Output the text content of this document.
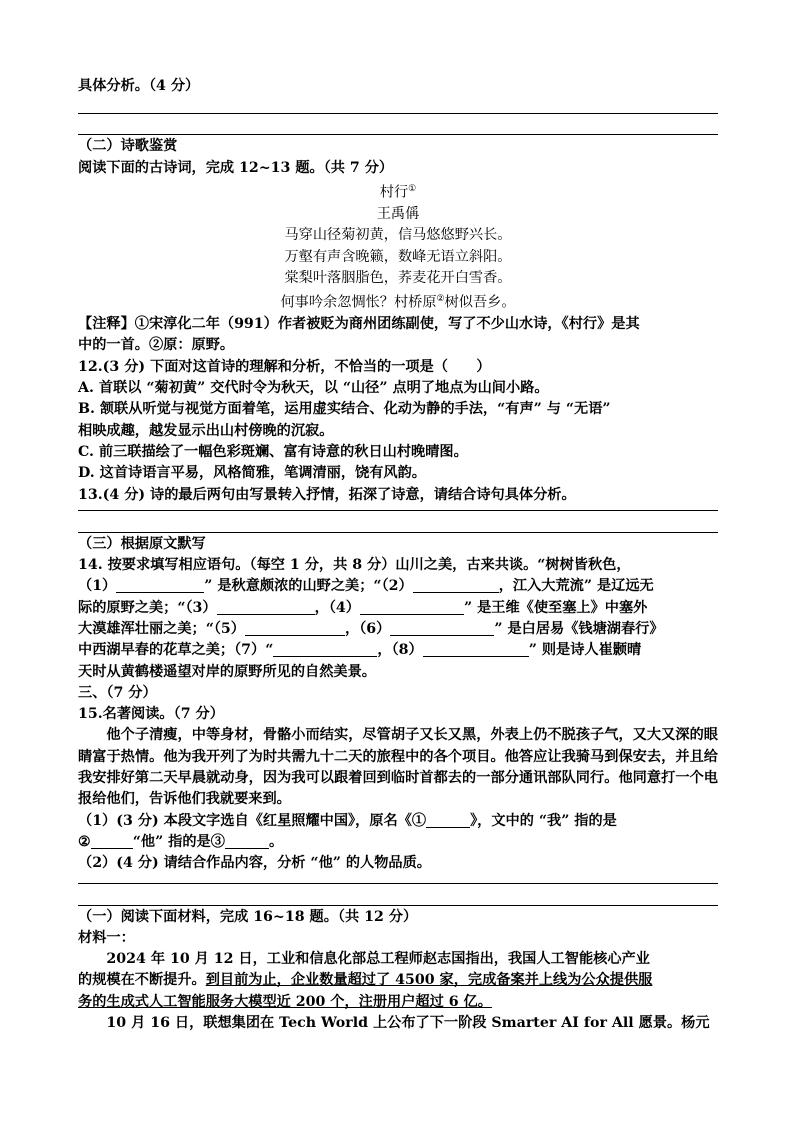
具体分析。（4 分）
（二）诗歌鉴赏
阅读下面的古诗词，完成 12~13 题。（共 7 分）
村行①
王禹偁
马穿山径菊初黄，信马悠悠野兴长。
万壑有声含晚籁，数峰无语立斜阳。
棠梨叶落胭脂色，荞麦花开白雪香。
何事吟余忽惆怅？村桥原②树似吾乡。
【注释】①宋淳化二年（991）作者被贬为商州团练副使，写了不少山水诗，《村行》是其
中的一首。②原：原野。
12.(3 分) 下面对这首诗的理解和分析，不恰当的一项是（　　）
A. 首联以 “菊初黄” 交代时令为秋天，以 “山径” 点明了地点为山间小路。
B. 颔联从听觉与视觉方面着笔，运用虚实结合、化动为静的手法，“有声” 与 “无语”
相映成趣，越发显示出山村傍晚的沉寂。
C. 前三联描绘了一幅色彩斑斓、富有诗意的秋日山村晚晴图。
D. 这首诗语言平易，风格简雅，笔调清丽，饶有风韵。
13.(4 分) 诗的最后两句由写景转入抒情，拓深了诗意，请结合诗句具体分析。
（三）根据原文默写
14. 按要求填写相应语句。（每空 1 分，共 8 分）山川之美，古来共谈。“树树皆秋色，
（1）	” 是秋意颇浓的山野之美；“（2）	，江入大荒流” 是辽远无
际的原野之美；“（3）	，（4）	” 是王维《使至塞上》中塞外
大漠雄浑壮丽之美；“（5）	，（6）	” 是白居易《钱塘湖春行》
中西湖早春的花草之美；（7）“	，（8）	” 则是诗人崔颢晴
天时从黄鹤楼遥望对岸的原野所见的自然美景。
三、（7 分）
15.名著阅读。（7 分）
他个子清瘦，中等身材，骨骼小而结实，尽管胡子又长又黑，外表上仍不脱孩子气，又大又深的眼睛富于热情。他为我开列了为时共需九十二天的旅程中的各个项目。他答应让我骑马到保安去，并且给我安排好第二天早晨就动身，因为我可以跟着回到临时首都去的一部分通讯部队同行。他同意打一个电报给他们，告诉他们我就要来到。
（1）(3 分) 本段文字选自《红星照耀中国》，原名《①	》，文中的 “我” 指的是
②	“他” 指的是③	。
（2）(4 分) 请结合作品内容，分析 “他” 的人物品质。
（一）阅读下面材料，完成 16~18 题。（共 12 分）
材料一：
2024 年 10 月 12 日，工业和信息化部总工程师赵志国指出，我国人工智能核心产业
的规模在不断提升。到目前为止，企业数量超过了 4500 家，完成备案并上线为公众提供服
务的生成式人工智能服务大模型近 200 个，注册用户超过 6 亿。
10 月 16 日，联想集团在 Tech World 上公布了下一阶段 Smarter AI for All 愿景。杨元
